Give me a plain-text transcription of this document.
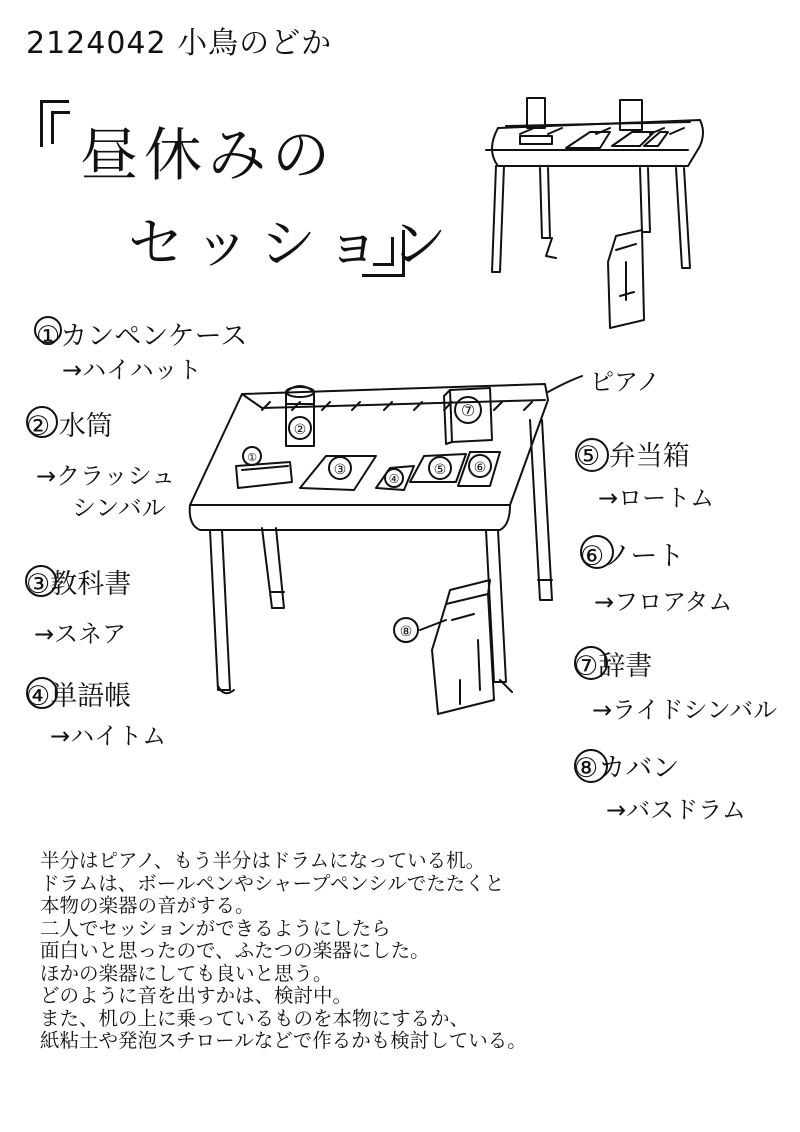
2124042 小鳥のどか
昼休みの
セッション
①
②
③
④
⑤ ⑥
⑦
⑧
ピアノ
①カンペンケース
→ハイハット
② 水筒
→クラッシュ
シンバル
③教科書
→スネア
④単語帳
→ハイトム
⑤ 弁当箱
→ロートム
⑥ノート
→フロアタム
⑦辞書
→ライドシンバル
⑧カバン
→バスドラム
半分はピアノ、もう半分はドラムになっている机。
ドラムは、ボールペンやシャープペンシルでたたくと
本物の楽器の音がする。
二人でセッションができるようにしたら
面白いと思ったので、ふたつの楽器にした。
ほかの楽器にしても良いと思う。
どのように音を出すかは、検討中。
また、机の上に乗っているものを本物にするか、
紙粘土や発泡スチロールなどで作るかも検討している。
